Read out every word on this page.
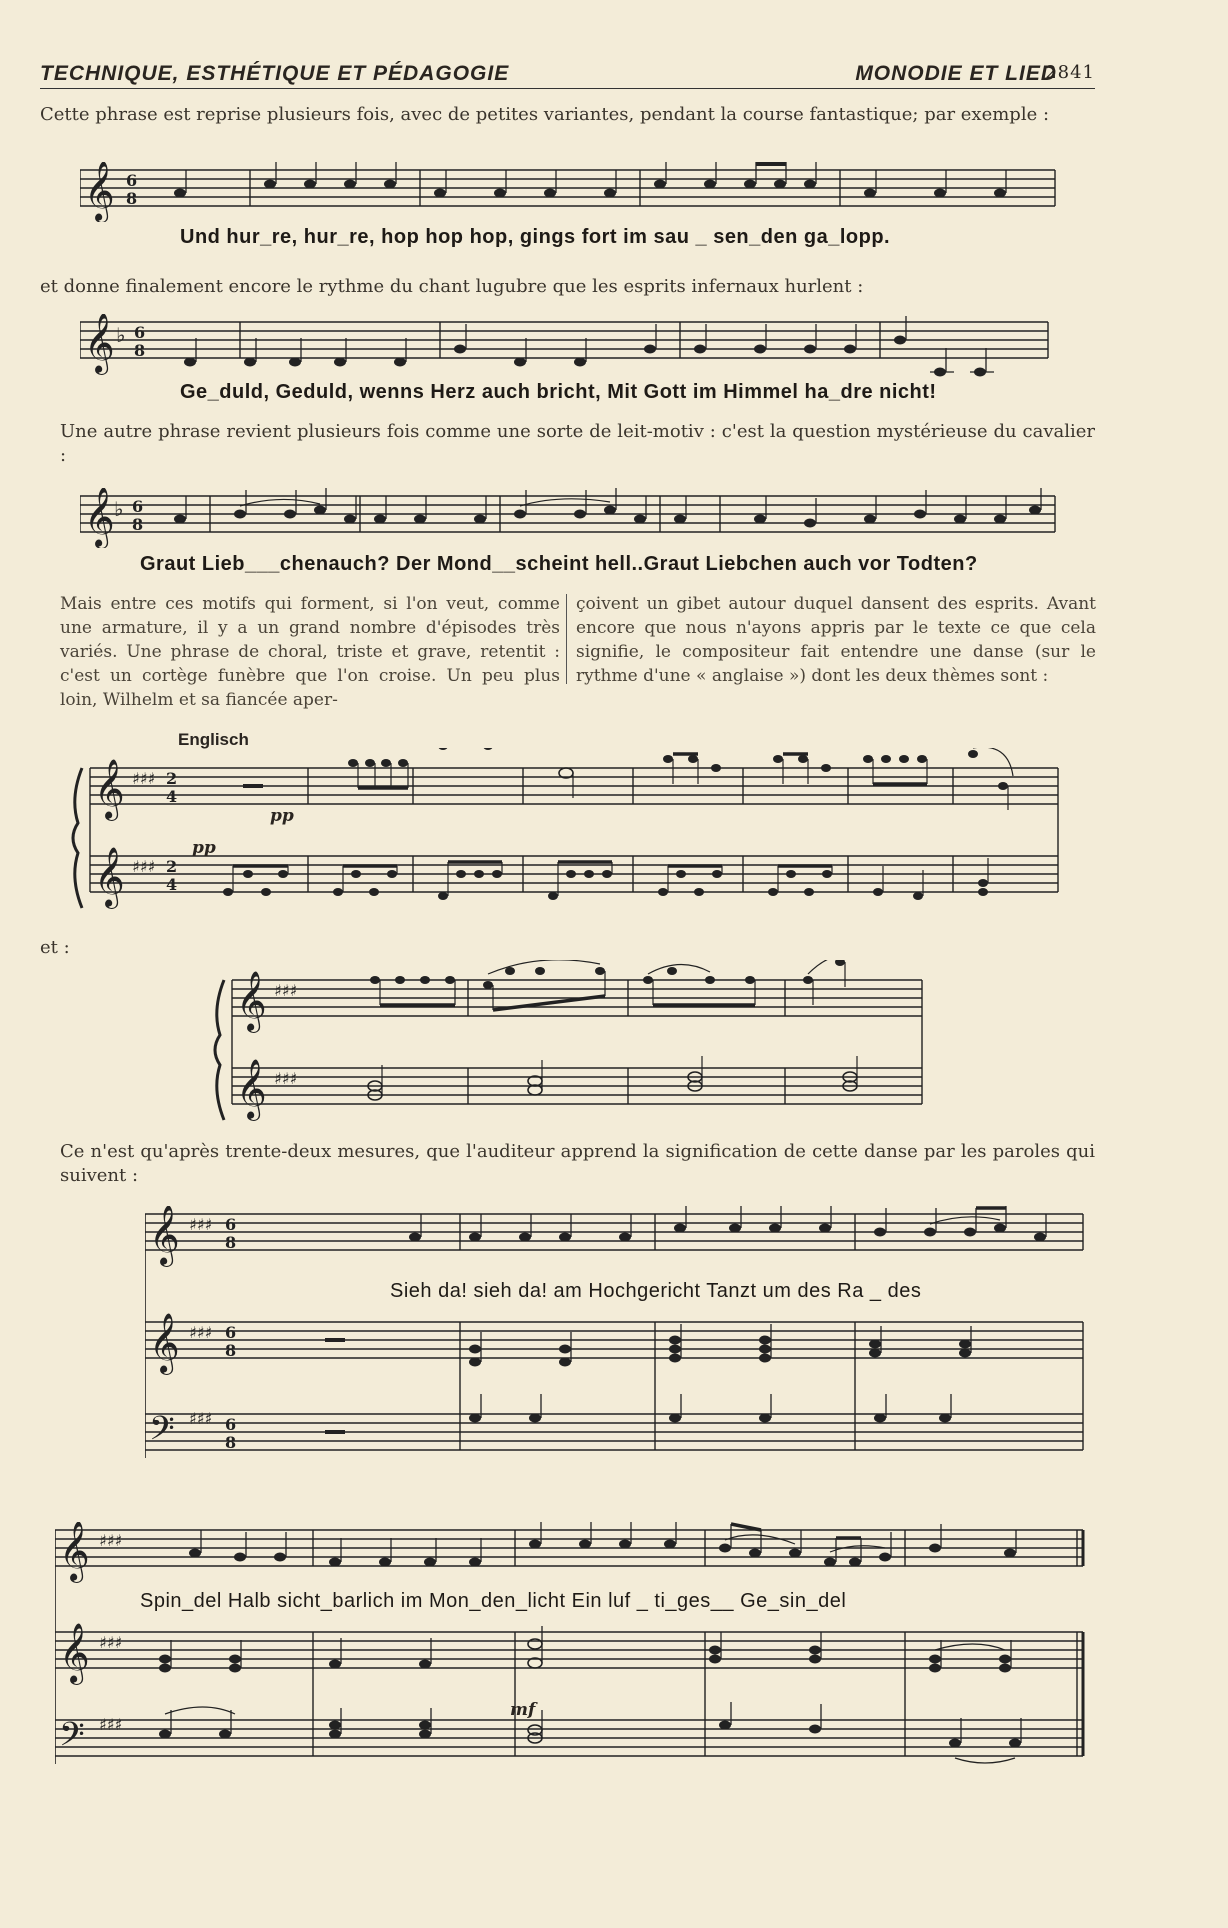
TECHNIQUE, ESTHÉTIQUE ET PÉDAGOGIE	MONODIE ET LIED
2841
Cette phrase est reprise plusieurs fois, avec de petites variantes, pendant la course fantastique; par exemple :
𝄞 6
8
Und hur_re, hur_re, hop hop hop, gings fort im sau _ sen_den ga_lopp.
et donne finalement encore le rythme du chant lugubre que les esprits infernaux hurlent :
𝄞 ♭ 6
8
Ge_duld, Geduld, wenns Herz auch bricht, Mit Gott im Himmel ha_dre nicht!
Une autre phrase revient plusieurs fois comme une sorte de leit-motiv : c'est la question mystérieuse du cavalier :
𝄞 ♭ 6
8
Graut Lieb___chenauch? Der Mond__scheint hell..Graut Liebchen auch vor Todten?
Mais entre ces motifs qui forment, si l'on veut, comme une armature, il y a un grand nombre d'épisodes très variés. Une phrase de choral, triste et grave, retentit : c'est un cortège funèbre que l'on croise. Un peu plus loin, Wilhelm et sa fiancée aper-
çoivent un gibet autour duquel dansent des esprits. Avant encore que nous n'ayons appris par le texte ce que cela signifie, le compositeur fait entendre une danse (sur le rythme d'une « anglaise ») dont les deux thèmes sont :
Englisch
𝄞
𝄞
♯♯♯
♯♯♯
2
4
2
4
pp
pp
et :
𝄞
𝄞
♯♯♯
♯♯♯
Ce n'est qu'après trente-deux mesures, que l'auditeur apprend la signification de cette danse par les paroles qui suivent :
𝄞
𝄞
𝄢
♯♯♯
♯♯♯
♯♯♯
6
8
6
8
6
8
Sieh da! sieh da! am Hochgericht Tanzt um des Ra _ des
𝄞
𝄞
𝄢
♯♯♯
♯♯♯
♯♯♯
Spin_del Halb sicht_barlich im Mon_den_licht Ein luf _ ti_ges__ Ge_sin_del
mf
